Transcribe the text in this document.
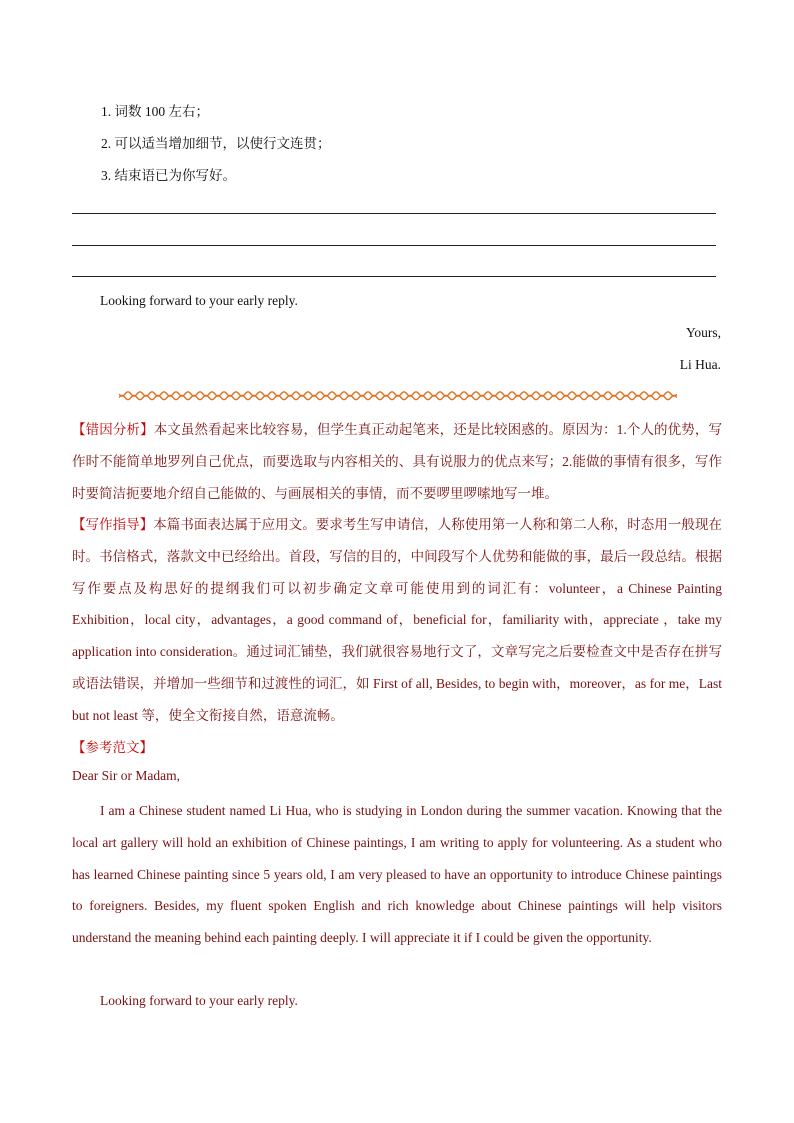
1. 词数 100 左右；
2. 可以适当增加细节，以使行文连贯；
3. 结束语已为你写好。
Looking forward to your early reply.
Yours,
Li Hua.

【错因分析】本文虽然看起来比较容易，但学生真正动起笔来，还是比较困惑的。原因为：1.个人的优势，写作时不能简单地罗列自己优点，而要选取与内容相关的、具有说服力的优点来写；2.能做的事情有很多，写作时要简洁扼要地介绍自己能做的、与画展相关的事情，而不要啰里啰嗦地写一堆。

【写作指导】本篇书面表达属于应用文。要求考生写申请信，人称使用第一人称和第二人称，时态用一般现在时。书信格式，落款文中已经给出。首段，写信的目的，中间段写个人优势和能做的事，最后一段总结。根据写作要点及构思好的提纲我们可以初步确定文章可能使用到的词汇有：volunteer，a Chinese Painting Exhibition，local city，advantages，a good command of，beneficial for，familiarity with，appreciate ，take my application into consideration。通过词汇铺垫，我们就很容易地行文了，文章写完之后要检查文中是否存在拼写或语法错误，并增加一些细节和过渡性的词汇，如 First of all, Besides, to begin with，moreover，as for me，Last but not least 等，使全文衔接自然，语意流畅。

【参考范文】

Dear Sir or Madam,

I am a Chinese student named Li Hua, who is studying in London during the summer vacation. Knowing that the local art gallery will hold an exhibition of Chinese paintings, I am writing to apply for volunteering. As a student who has learned Chinese painting since 5 years old, I am very pleased to have an opportunity to introduce Chinese paintings to foreigners. Besides, my fluent spoken English and rich knowledge about Chinese paintings will help visitors understand the meaning behind each painting deeply. I will appreciate it if I could be given the opportunity.

Looking forward to your early reply.
